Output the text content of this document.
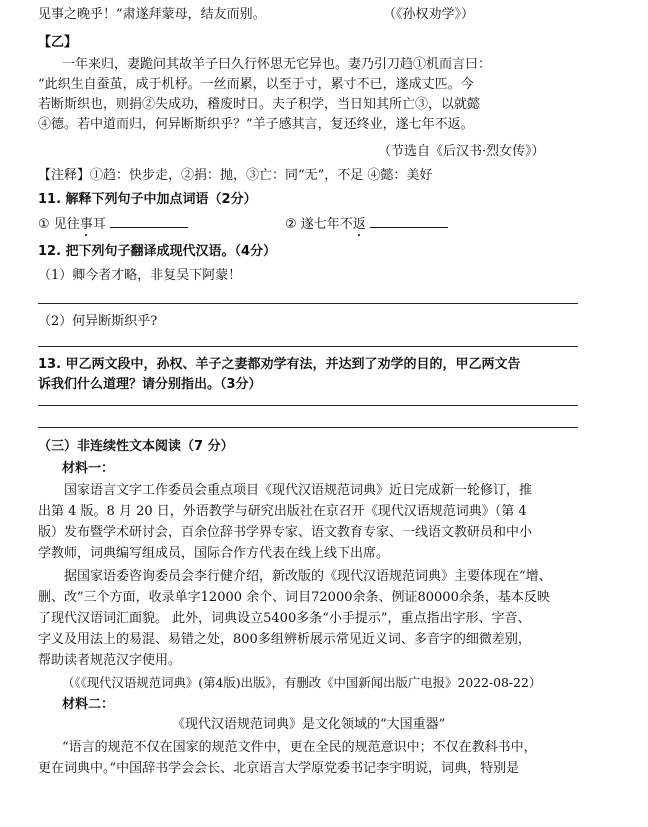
见事之晚乎！”肃遂拜蒙母，结友而别。	（《孙权劝学》）
【乙】
一年来归，妻跪问其故羊子曰久行怀思无它异也。妻乃引刀趋①机而言曰：
“此织生自蚕茧，成于机杼。一丝而累，以至于寸，累寸不已，遂成丈匹。今
若断斯织也，则捐②失成功，稽废时日。夫子积学，当日知其所亡③，以就懿
④德。若中道而归，何异断斯织乎？”羊子感其言，复还终业，遂七年不返。
（节选自《后汉书·烈女传》）
【注释】①趋：快步走，②捐：抛，③亡：同“无”，不足 ④懿：美好
11. 解释下列句子中加点词语（2分）
① 见往事耳	② 遂七年不返
12. 把下列句子翻译成现代汉语。（4分）
（1）卿今者才略，非复吴下阿蒙！
（2）何异断斯织乎?
13. 甲乙两文段中，孙权、羊子之妻都劝学有法，并达到了劝学的目的，甲乙两文告
诉我们什么道理？请分别指出。（3分）
（三）非连续性文本阅读（7 分）
材料一：
国家语言文字工作委员会重点项目《现代汉语规范词典》近日完成新一轮修订，推
出第 4 版。8 月 20 日，外语教学与研究出版社在京召开《现代汉语规范词典》（第 4
版）发布暨学术研讨会，百余位辞书学界专家、语文教育专家、一线语文教研员和中小
学教师，词典编写组成员，国际合作方代表在线上线下出席。
据国家语委咨询委员会李行健介绍，新改版的《现代汉语规范词典》主要体现在“增、
删、改”三个方面，收录单字12000 余个、词目72000余条、例证80000余条，基本反映
了现代汉语词汇面貌。 此外，词典设立5400多条“小手提示”，重点指出字形、字音、
字义及用法上的易混、易错之处，800多组辨析展示常见近义词、多音字的细微差别，
帮助读者规范汉字使用。
（《《现代汉语规范词典》(第4版)出版》，有删改《中国新闻出版广电报》2022-08-22）
材料二：
《现代汉语规范词典》是文化领域的“大国重器”
“语言的规范不仅在国家的规范文件中，更在全民的规范意识中；不仅在教科书中，
更在词典中。”中国辞书学会会长、北京语言大学原党委书记李宇明说，词典，特别是
